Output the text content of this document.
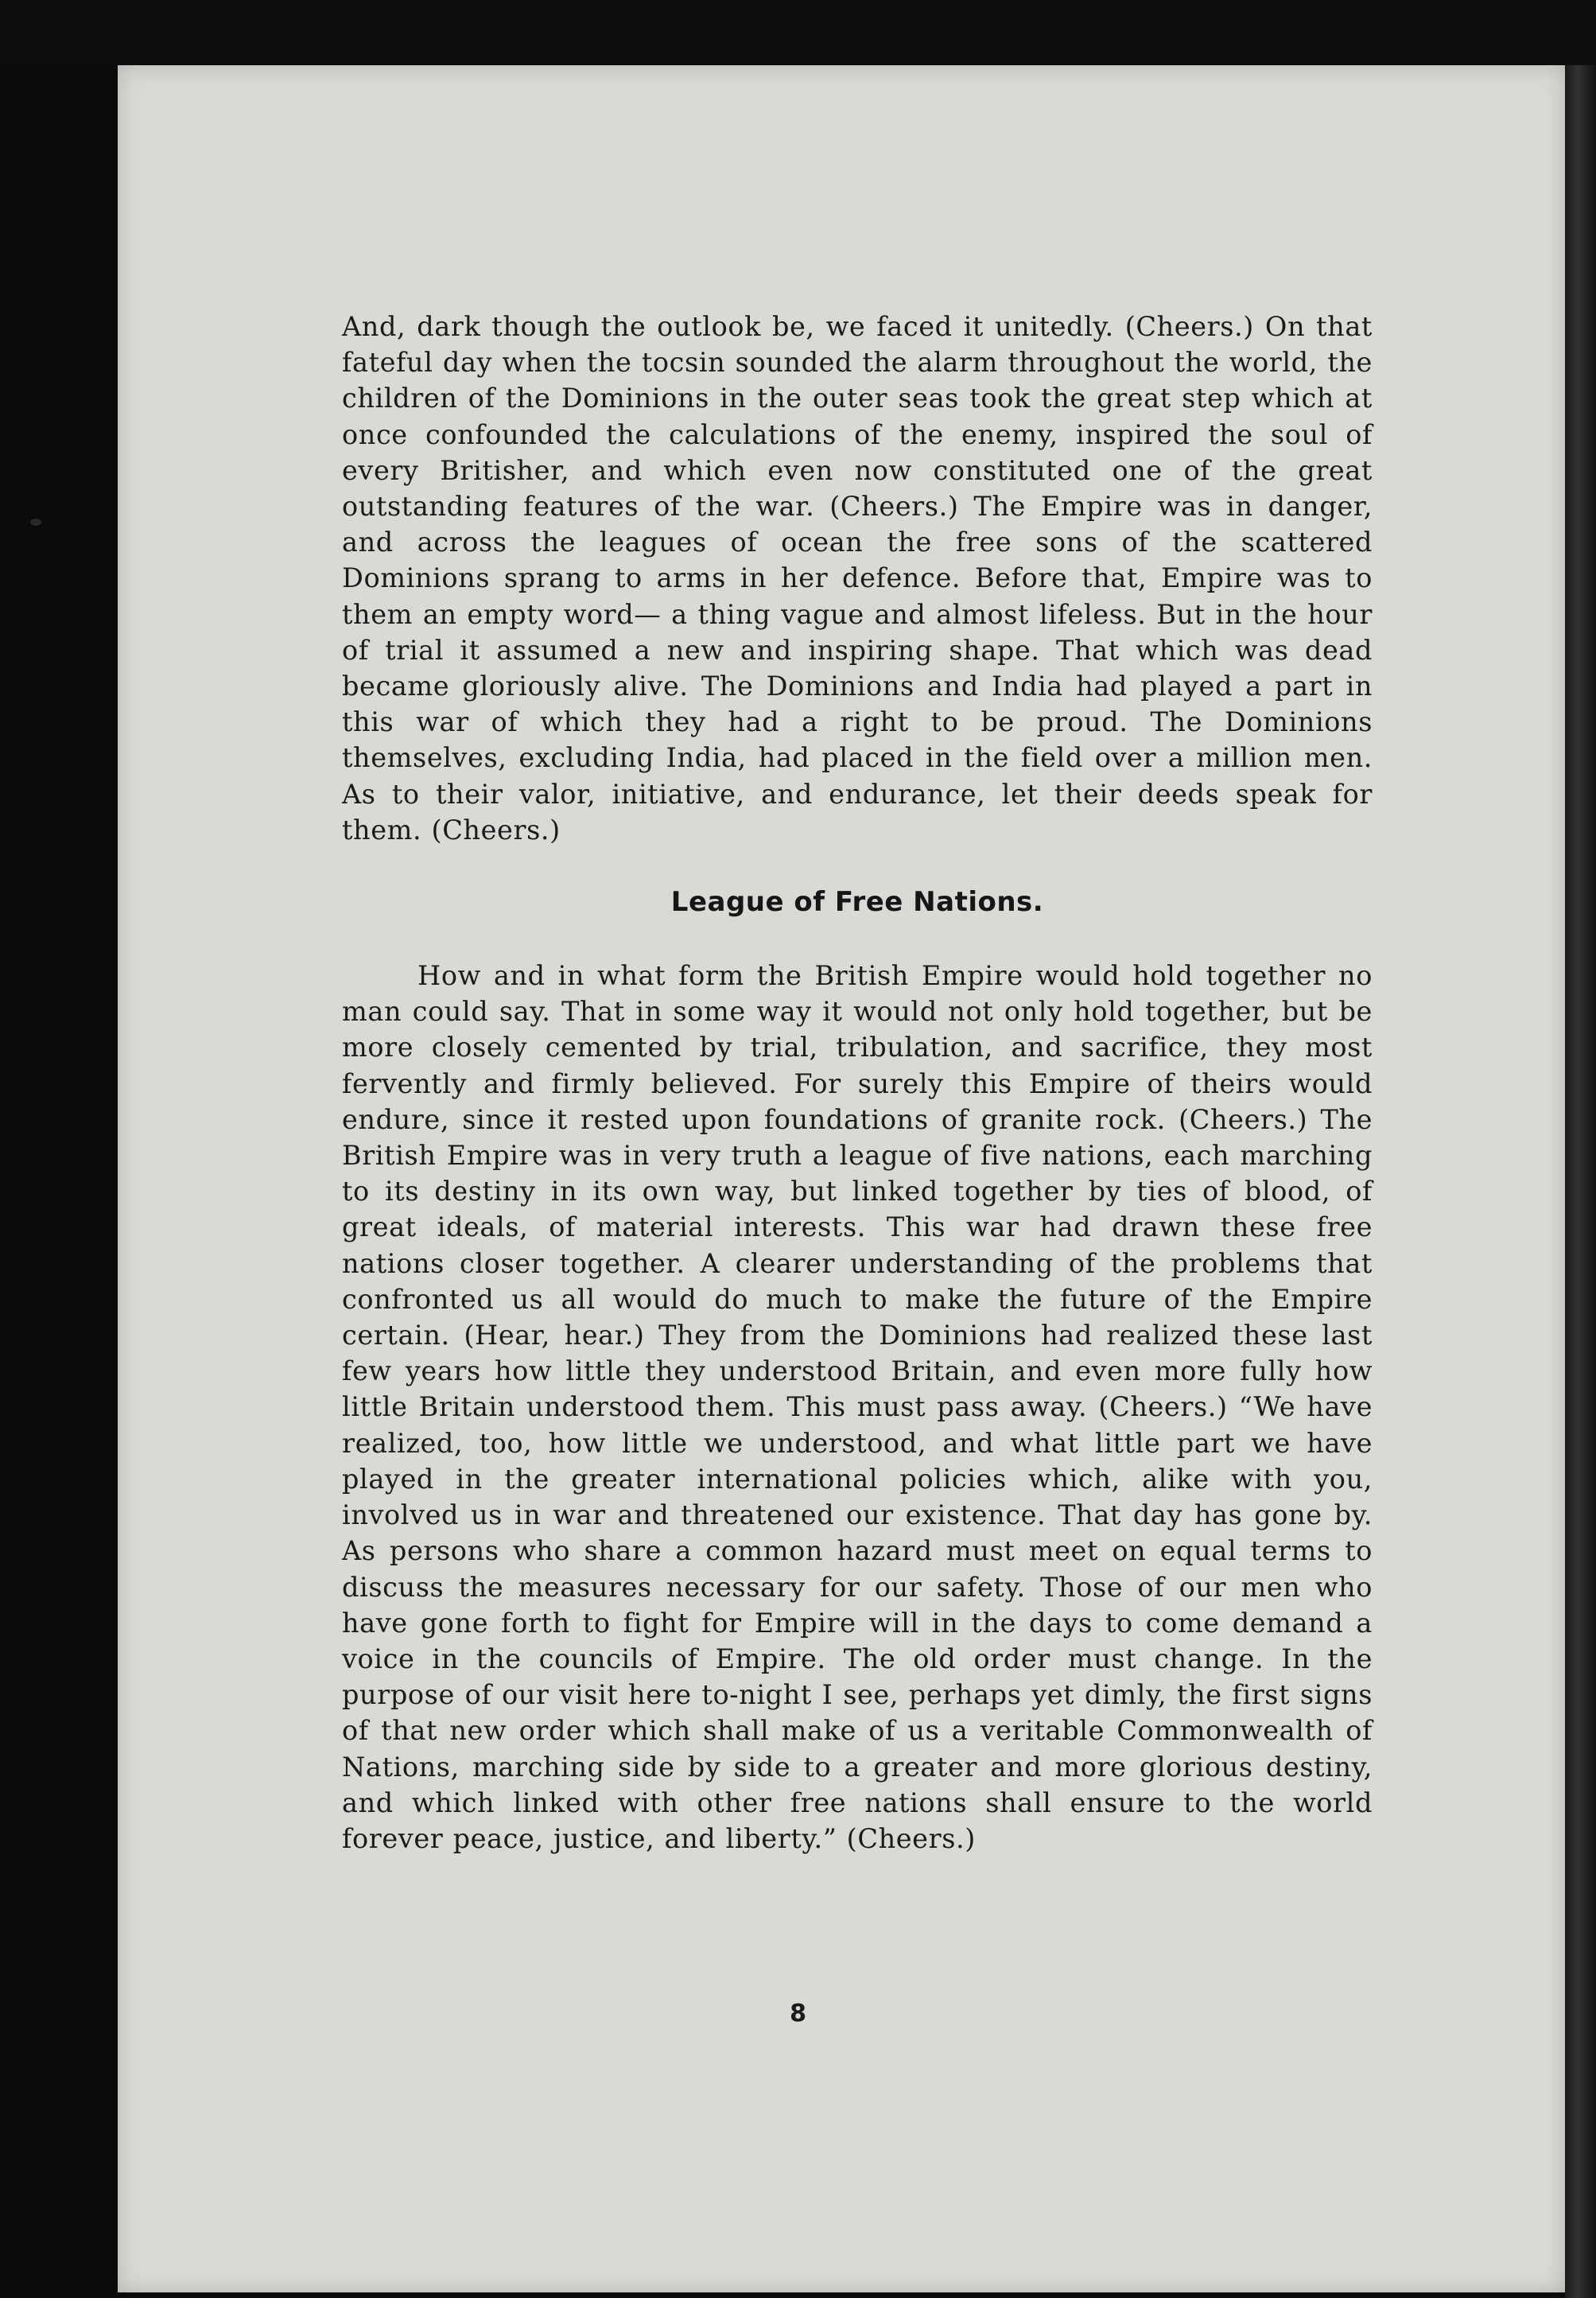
And, dark though the outlook be, we faced it unitedly. (Cheers.) On that fateful day when the tocsin sounded the alarm throughout the world, the children of the Dominions in the outer seas took the great step which at once confounded the calculations of the enemy, inspired the soul of every Britisher, and which even now constituted one of the great outstanding features of the war. (Cheers.) The Empire was in danger, and across the leagues of ocean the free sons of the scattered Dominions sprang to arms in her defence. Before that, Empire was to them an empty word— a thing vague and almost lifeless. But in the hour of trial it assumed a new and inspiring shape. That which was dead became gloriously alive. The Dominions and India had played a part in this war of which they had a right to be proud. The Dominions themselves, excluding India, had placed in the field over a million men. As to their valor, initiative, and endurance, let their deeds speak for them. (Cheers.)

League of Free Nations.

How and in what form the British Empire would hold together no man could say. That in some way it would not only hold together, but be more closely cemented by trial, tribulation, and sacrifice, they most fervently and firmly believed. For surely this Empire of theirs would endure, since it rested upon foundations of granite rock. (Cheers.) The British Empire was in very truth a league of five nations, each marching to its destiny in its own way, but linked together by ties of blood, of great ideals, of material interests. This war had drawn these free nations closer together. A clearer understanding of the problems that confronted us all would do much to make the future of the Empire certain. (Hear, hear.) They from the Dominions had realized these last few years how little they understood Britain, and even more fully how little Britain understood them. This must pass away. (Cheers.) “We have realized, too, how little we understood, and what little part we have played in the greater international policies which, alike with you, involved us in war and threatened our existence. That day has gone by. As persons who share a common hazard must meet on equal terms to discuss the measures necessary for our safety. Those of our men who have gone forth to fight for Empire will in the days to come demand a voice in the councils of Empire. The old order must change. In the purpose of our visit here to-night I see, perhaps yet dimly, the first signs of that new order which shall make of us a veritable Commonwealth of Nations, marching side by side to a greater and more glorious destiny, and which linked with other free nations shall ensure to the world forever peace, justice, and liberty.” (Cheers.)

8
